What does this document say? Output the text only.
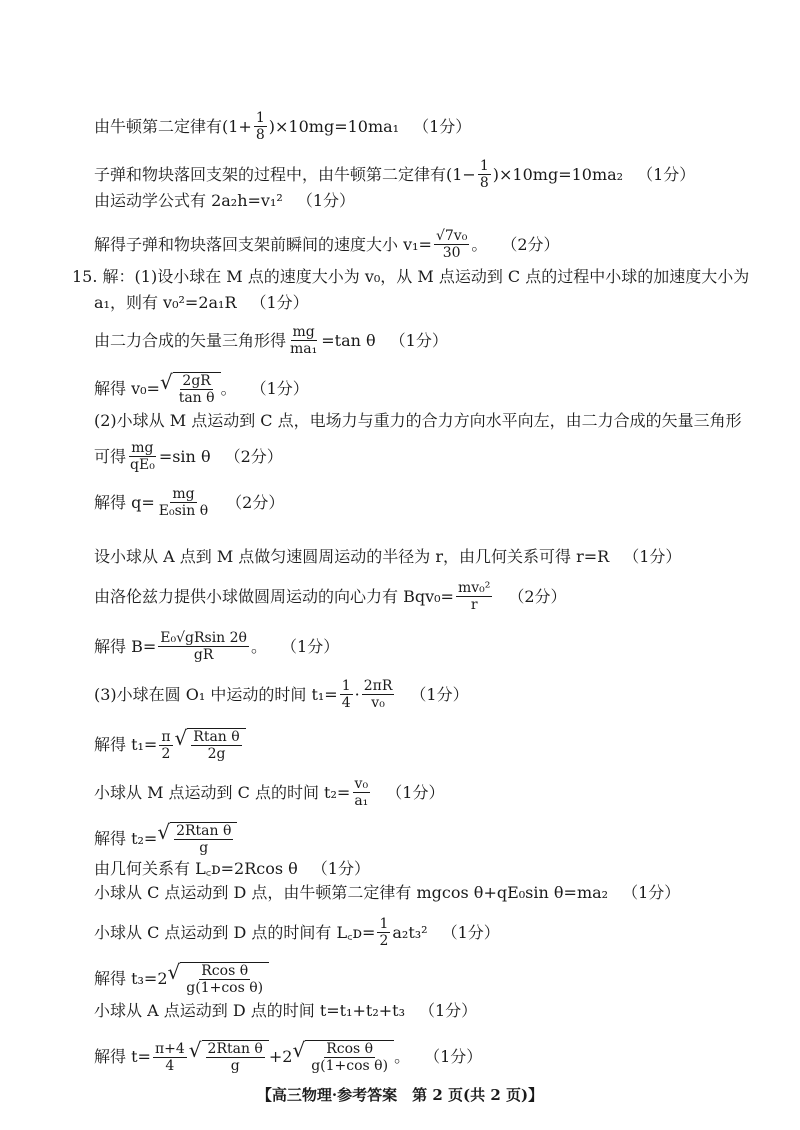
由牛顿第二定律有$(1+ \frac{1}{8} )\times 10mg=10ma_1$ （1分）
子弹和物块落回支架的过程中，由牛顿第二定律有$(1- \frac{1}{8} )\times 10mg=10ma_2$ （1分）
由运动学公式有 2a₂h=v₁² （1分）
解得子弹和物块落回支架前瞬间的速度大小 $v_1= \frac{\text{√7v₀}}{30}$ 。 （2分）
15. 解：(1)设小球在 M 点的速度大小为 v₀，从 M 点运动到 C 点的过程中小球的加速度大小为
a₁，则有 v₀²=2a₁R （1分）
由二力合成的矢量三角形得 $\frac{mg}{\text{ma₁}} =\tan$ θ （1分）
解得 v₀= √ $\frac{2gR}{\text{tan θ}}$ 。 （1分）
(2)小球从 M 点运动到 C 点，电场力与重力的合力方向水平向左，由二力合成的矢量三角形
可得 $\frac{mg}{\text{qE₀}} =\sin$ θ （2分）
解得 $q= \frac{mg}{\text{E₀sin θ}} (2$分）
设小球从 A 点到 M 点做匀速圆周运动的半径为 r，由几何关系可得 r=R （1分）
由洛伦兹力提供小球做圆周运动的向心力有 $Bqv_0= \frac{\text{mv₀²}}{r} (2$分）
解得 $B= \frac{\text{E₀√gRsin 2θ}}{gR}$ 。 （1分）
(3)小球在圆 O₁ 中运动的时间 $t_1= \frac{1}{4} \cdot \frac{2\pi R}{\text{v₀}} (1$分）
解得 $t_1= \frac{\pi}{2}$ √ $\frac{\text{Rtan θ}}{2g}$
小球从 M 点运动到 C 点的时间 $t_2= \frac{\text{v₀}}{\text{a₁}} (1$分）
解得 t₂= √ $\frac{\text{2Rtan θ}}{g}$
由几何关系有 L꜀ᴅ=2Rcos θ （1分）
小球从 C 点运动到 D 点，由牛顿第二定律有 mgcos θ+qE₀sin θ=ma₂ （1分）
小球从 C 点运动到 D 点的时间有 L꜀ᴅ= $\frac{1}{2} a_2t_3^2$ （1分）
解得 t₃=2 √ $\frac{\text{Rcos θ}}{\text{g(1+cos θ)}}$
小球从 A 点运动到 D 点的时间 t=t₁+t₂+t₃ （1分）
解得 $t= \frac{\pi+4}{4}$ √ $\frac{\text{2Rtan θ}}{g} +2$ √ $\frac{\text{Rcos θ}}{\text{g(1+cos θ)}}$ 。 （1分）
【高三物理·参考答案　第 2 页(共 2 页)】
